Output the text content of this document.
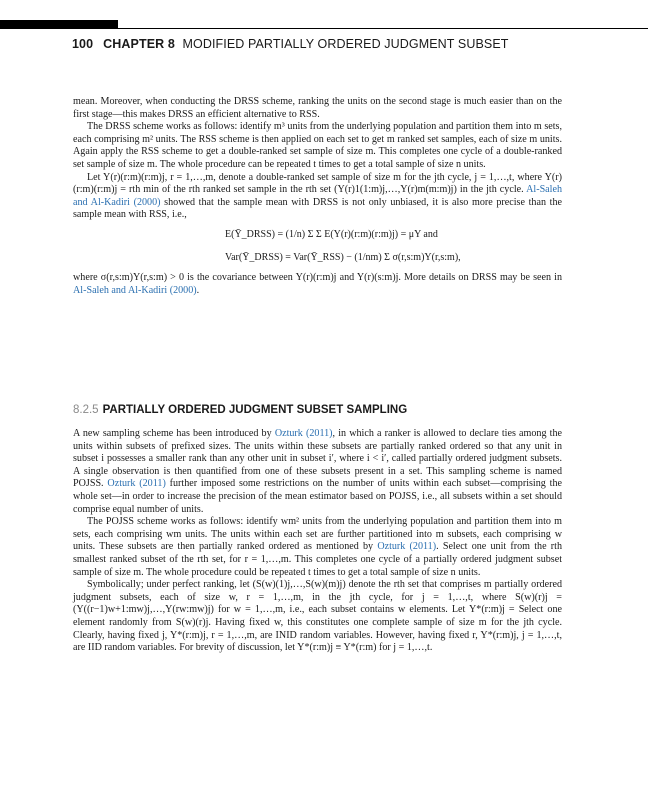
100 CHAPTER 8 MODIFIED PARTIALLY ORDERED JUDGMENT SUBSET

mean. Moreover, when conducting the DRSS scheme, ranking the units on the second stage is much easier than on the first stage—this makes DRSS an efficient alternative to RSS.

The DRSS scheme works as follows: identify m³ units from the underlying population and partition them into m sets, each comprising m² units. The RSS scheme is then applied on each set to get m ranked set samples, each of size m units. Again apply the RSS scheme to get a double-ranked set sample of size m. This completes one cycle of a double-ranked set sample of size m. The whole procedure can be repeated t times to get a total sample of size n units.

Let Y(r)(r:m)(r:m)j, r = 1,…,m, denote a double-ranked set sample of size m for the jth cycle, j = 1,…,t, where Y(r)(r:m)(r:m)j = rth min of the rth ranked set sample in the rth set (Y(r)1(1:m)j,…,Y(r)m(m:m)j) in the jth cycle. Al-Saleh and Al-Kadiri (2000) showed that the sample mean with DRSS is not only unbiased, it is also more precise than the sample mean with RSS, i.e.,

E(Ȳ_DRSS) = (1/n) Σ Σ E(Y(r)(r:m)(r:m)j) = μY and
Var(Ȳ_DRSS) = Var(Ȳ_RSS) − (1/nm) Σ σ(r,s:m)Y(r,s:m),

where σ(r,s:m)Y(r,s:m) > 0 is the covariance between Y(r)(r:m)j and Y(r)(s:m)j. More details on DRSS may be seen in Al-Saleh and Al-Kadiri (2000).

8.2.5 PARTIALLY ORDERED JUDGMENT SUBSET SAMPLING

A new sampling scheme has been introduced by Ozturk (2011), in which a ranker is allowed to declare ties among the units within subsets of prefixed sizes. The units within these subsets are partially ranked ordered so that any unit in subset i possesses a smaller rank than any other unit in subset i′, where i < i′, called partially ordered judgment subsets. A single observation is then quantified from one of these subsets present in a set. This sampling scheme is named POJSS. Ozturk (2011) further imposed some restrictions on the number of units within each subset—comprising the whole set—in order to increase the precision of the mean estimator based on POJSS, i.e., all subsets within a set should comprise equal number of units.

The POJSS scheme works as follows: identify wm² units from the underlying population and partition them into m sets, each comprising wm units. The units within each set are further partitioned into m subsets, each comprising w units. These subsets are then partially ranked ordered as mentioned by Ozturk (2011). Select one unit from the rth smallest ranked subset of the rth set, for r = 1,…,m. This completes one cycle of a partially ordered judgment subset sample of size m. The whole procedure could be repeated t times to get a total sample of size n units.

Symbolically; under perfect ranking, let (S(w)(1)j,…,S(w)(m)j) denote the rth set that comprises m partially ordered judgment subsets, each of size w, r = 1,…,m, in the jth cycle, for j = 1,…,t, where S(w)(r)j = (Y((r−1)w+1:mw)j,…,Y(rw:mw)j) for w = 1,…,m, i.e., each subset contains w elements. Let Y*(r:m)j = Select one element randomly from S(w)(r)j. Having fixed w, this constitutes one complete sample of size m for the jth cycle. Clearly, having fixed j, Y*(r:m)j, r = 1,…,m, are INID random variables. However, having fixed r, Y*(r:m)j, j = 1,…,t, are IID random variables. For brevity of discussion, let Y*(r:m)j ≡ Y*(r:m) for j = 1,…,t.
